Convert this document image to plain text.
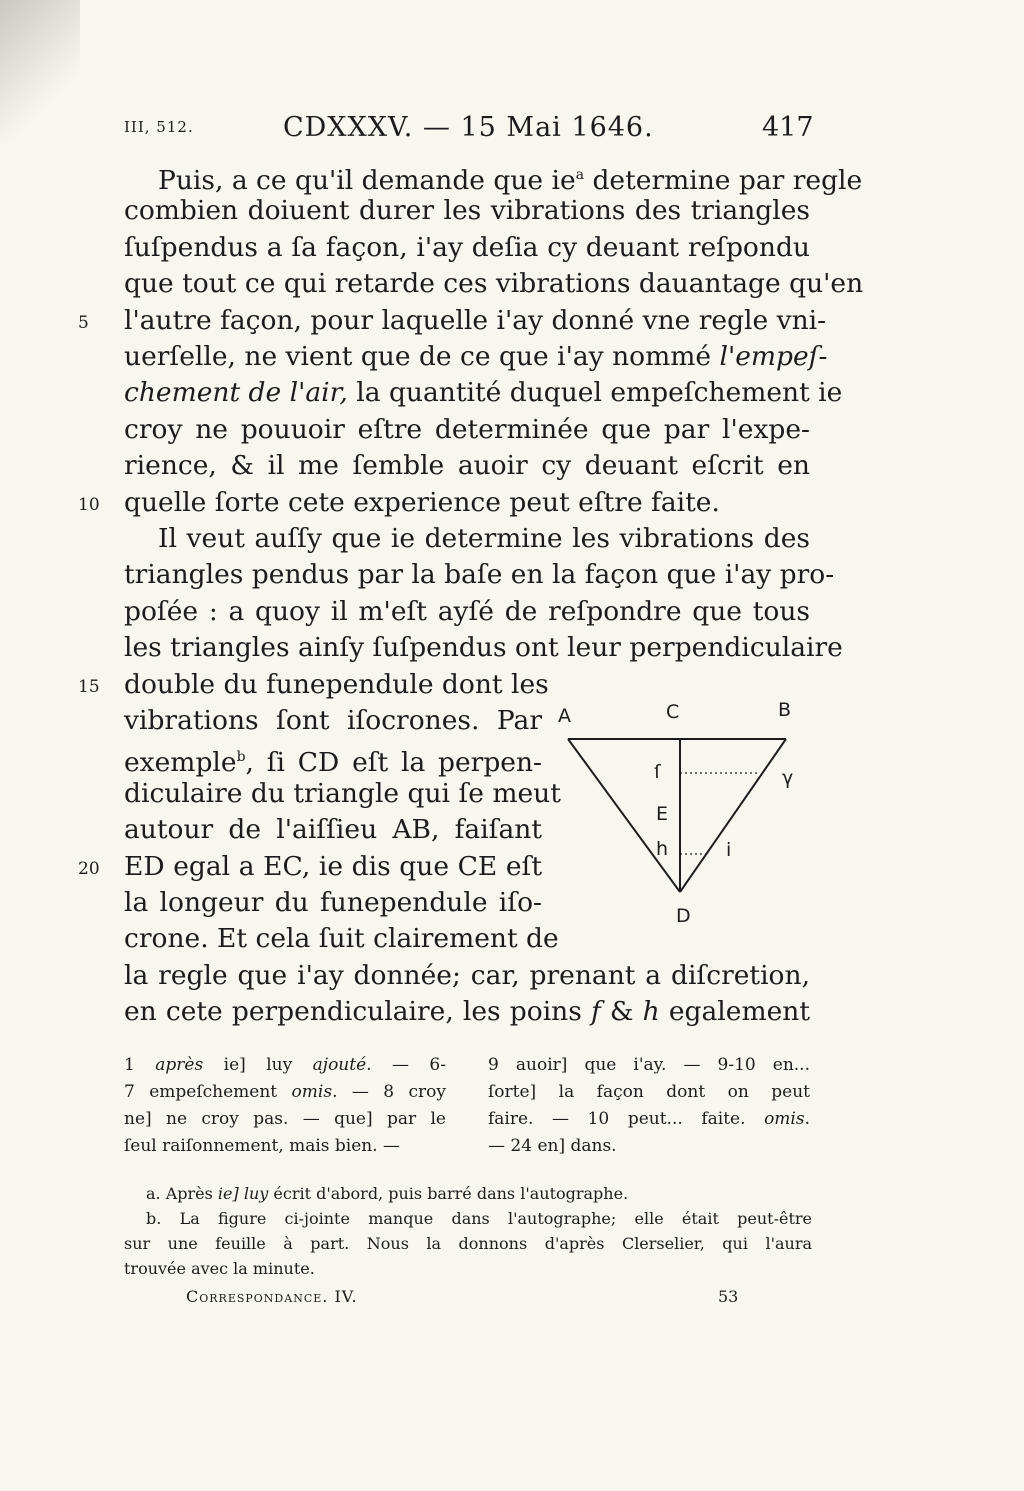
III, 512.	CDXXXV. — 15 Mai 1646.	417
Puis, a ce qu'il demande que $ie^a$ determine par regle
combien doiuent durer les vibrations des triangles
ſuſpendus a ſa façon, i'ay deſia cy deuant reſpondu
que tout ce qui retarde ces vibrations dauantage qu'en
l'autre façon, pour laquelle i'ay donné vne regle vni-
5
uerſelle, ne vient que de ce que i'ay nommé l'empeſ-
chement de l'air, la quantité duquel empeſchement ie
croy ne pouuoir eſtre determinée que par l'expe-
rience, & il me ſemble auoir cy deuant eſcrit en
quelle ſorte cete experience peut eſtre faite.
10
Il veut auſſy que ie determine les vibrations des
triangles pendus par la baſe en la façon que i'ay pro-
poſée : a quoy il m'eſt ayſé de reſpondre que tous
les triangles ainſy ſuſpendus ont leur perpendiculaire
double du funependule dont les
15
vibrations ſont iſocrones. Par
exemple$^b$, ſi CD eſt la perpen-
diculaire du triangle qui ſe meut
autour de l'aiſſieu AB, faiſant
ED egal a EC, ie dis que CE eſt
20
la longeur du funependule iſo-
crone. Et cela ſuit clairement de
la regle que i'ay donnée; car, prenant a diſcretion,
en cete perpendiculaire, les poins f & h egalement
A	C	B
ſ
E
h
D
γ
i
1 après ie] luy ajouté. — 6-
7 empeſchement omis. — 8 croy
ne] ne croy pas. — que] par le
ſeul raiſonnement, mais bien. —
9 auoir] que i'ay. — 9-10 en...
ſorte] la façon dont on peut
faire. — 10 peut... faite. omis.
— 24 en] dans.
a. Après ie] luy écrit d'abord, puis barré dans l'autographe.
b. La figure ci-jointe manque dans l'autographe; elle était peut-être
sur une feuille à part. Nous la donnons d'après Clerselier, qui l'aura
trouvée avec la minute.
Correspondance. IV.	53
